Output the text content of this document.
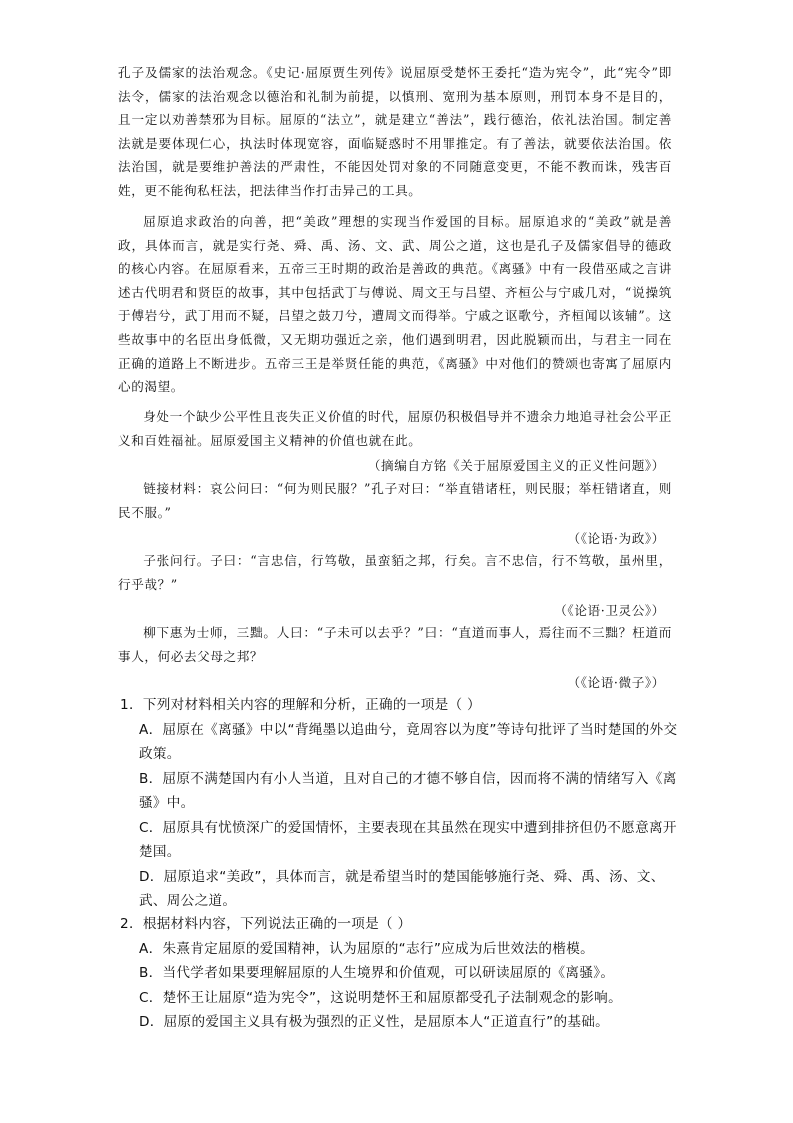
孔子及儒家的法治观念。《史记·屈原贾生列传》说屈原受楚怀王委托“造为宪令”，此“宪令”即法令，儒家的法治观念以德治和礼制为前提，以慎刑、宽刑为基本原则，刑罚本身不是目的，且一定以劝善禁邪为目标。屈原的“法立”，就是建立“善法”，践行德治，依礼法治国。制定善法就是要体现仁心，执法时体现宽容，面临疑惑时不用罪推定。有了善法，就要依法治国。依法治国，就是要维护善法的严肃性，不能因处罚对象的不同随意变更，不能不教而诛，残害百姓，更不能徇私枉法，把法律当作打击异己的工具。

屈原追求政治的向善，把“美政”理想的实现当作爱国的目标。屈原追求的“美政”就是善政，具体而言，就是实行尧、舜、禹、汤、文、武、周公之道，这也是孔子及儒家倡导的德政的核心内容。在屈原看来，五帝三王时期的政治是善政的典范。《离骚》中有一段借巫咸之言讲述古代明君和贤臣的故事，其中包括武丁与傅说、周文王与吕望、齐桓公与宁戚几对，“说操筑于傅岩兮，武丁用而不疑，吕望之鼓刀兮，遭周文而得举。宁戚之讴歌兮，齐桓闻以该辅”。这些故事中的名臣出身低微，又无期功强近之亲，他们遇到明君，因此脱颖而出，与君主一同在正确的道路上不断进步。五帝三王是举贤任能的典范，《离骚》中对他们的赞颂也寄寓了屈原内心的渴望。

身处一个缺少公平性且丧失正义价值的时代，屈原仍积极倡导并不遗余力地追寻社会公平正义和百姓福祉。屈原爱国主义精神的价值也就在此。

（摘编自方铭《关于屈原爱国主义的正义性问题》）

链接材料：哀公问曰：“何为则民服？”孔子对曰：“举直错诸枉，则民服；举枉错诸直，则民不服。”

（《论语·为政》）

子张问行。子曰：“言忠信，行笃敬，虽蛮貊之邦，行矣。言不忠信，行不笃敬，虽州里，行乎哉？”

（《论语·卫灵公》）

柳下惠为士师，三黜。人曰：“子未可以去乎？”曰：“直道而事人，焉往而不三黜？枉道而事人，何必去父母之邦？

（《论语·微子》）

1．下列对材料相关内容的理解和分析，正确的一项是（ ）
A．屈原在《离骚》中以“背绳墨以追曲兮，竟周容以为度”等诗句批评了当时楚国的外交政策。
B．屈原不满楚国内有小人当道，且对自己的才德不够自信，因而将不满的情绪写入《离骚》中。
C．屈原具有忧愤深广的爱国情怀，主要表现在其虽然在现实中遭到排挤但仍不愿意离开楚国。
D．屈原追求“美政”，具体而言，就是希望当时的楚国能够施行尧、舜、禹、汤、文、武、周公之道。
2．根据材料内容，下列说法正确的一项是（ ）
A．朱熹肯定屈原的爱国精神，认为屈原的“志行”应成为后世效法的楷模。
B．当代学者如果要理解屈原的人生境界和价值观，可以研读屈原的《离骚》。
C．楚怀王让屈原“造为宪令”，这说明楚怀王和屈原都受孔子法制观念的影响。
D．屈原的爱国主义具有极为强烈的正义性，是屈原本人“正道直行”的基础。
